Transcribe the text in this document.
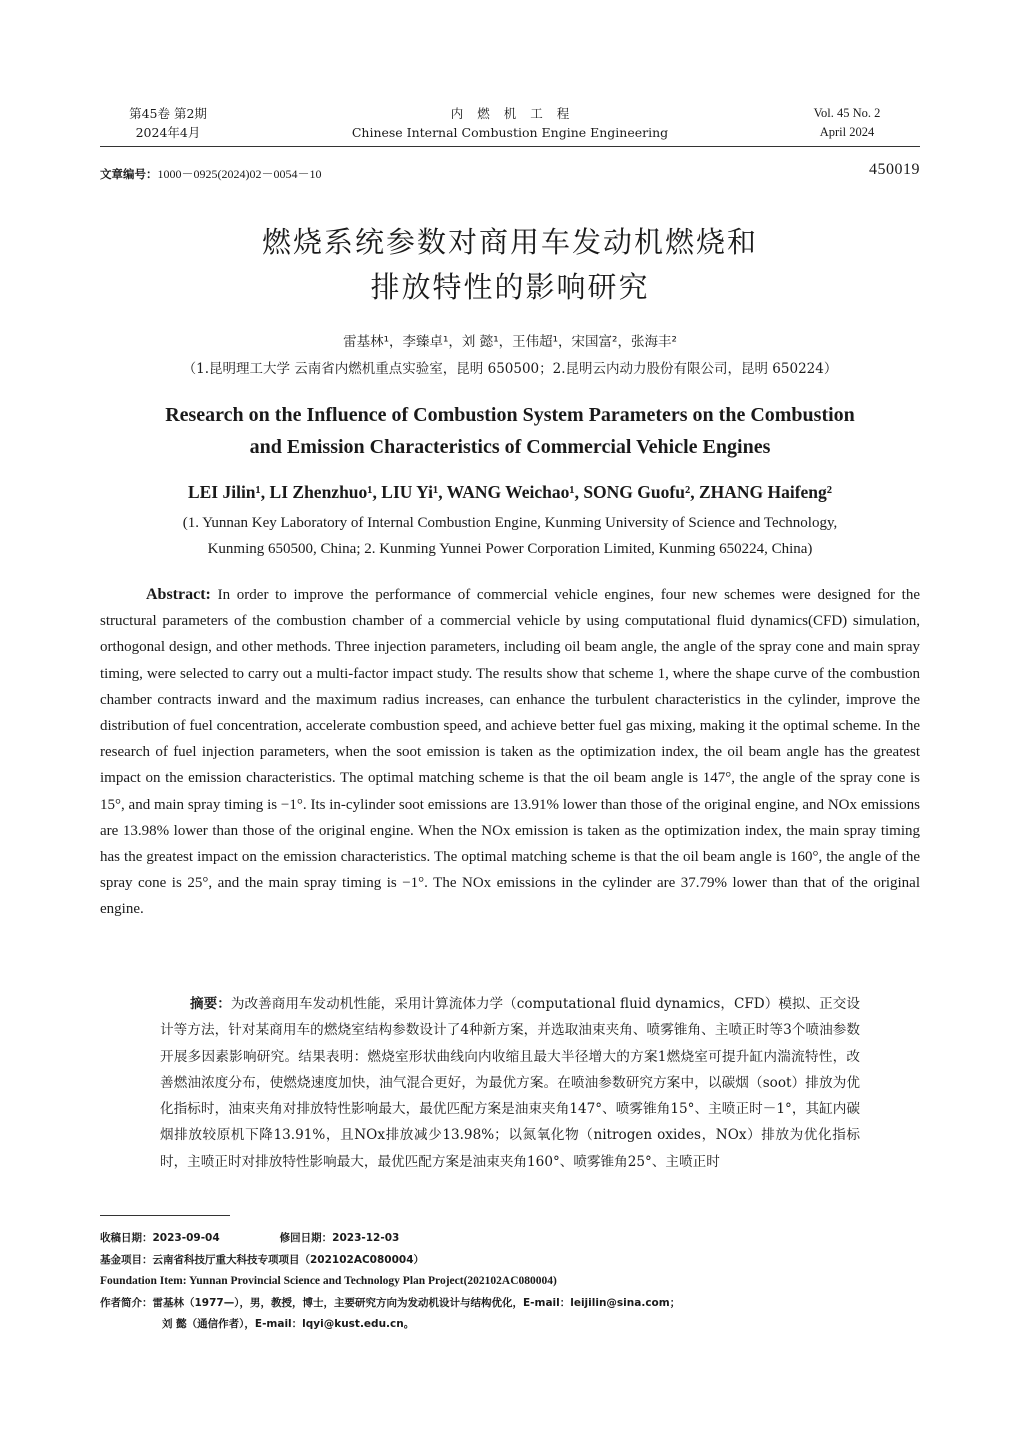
第45卷 第2期
2024年4月
内燃机工程
Chinese Internal Combustion Engine Engineering
Vol. 45 No. 2
April 2024
文章编号：1000－0925(2024)02－0054－10	450019
燃烧系统参数对商用车发动机燃烧和
排放特性的影响研究
雷基林¹，李臻卓¹，刘 懿¹，王伟超¹，宋国富²，张海丰²
（1.昆明理工大学 云南省内燃机重点实验室，昆明 650500；2.昆明云内动力股份有限公司，昆明 650224）
Research on the Influence of Combustion System Parameters on the Combustion
and Emission Characteristics of Commercial Vehicle Engines
LEI Jilin¹, LI Zhenzhuo¹, LIU Yi¹, WANG Weichao¹, SONG Guofu², ZHANG Haifeng²
(1. Yunnan Key Laboratory of Internal Combustion Engine, Kunming University of Science and Technology,
Kunming 650500, China; 2. Kunming Yunnei Power Corporation Limited, Kunming 650224, China)
Abstract: In order to improve the performance of commercial vehicle engines, four new schemes were designed for the structural parameters of the combustion chamber of a commercial vehicle by using computational fluid dynamics(CFD) simulation, orthogonal design, and other methods. Three injection parameters, including oil beam angle, the angle of the spray cone and main spray timing, were selected to carry out a multi-factor impact study. The results show that scheme 1, where the shape curve of the combustion chamber contracts inward and the maximum radius increases, can enhance the turbulent characteristics in the cylinder, improve the distribution of fuel concentration, accelerate combustion speed, and achieve better fuel gas mixing, making it the optimal scheme. In the research of fuel injection parameters, when the soot emission is taken as the optimization index, the oil beam angle has the greatest impact on the emission characteristics. The optimal matching scheme is that the oil beam angle is 147°, the angle of the spray cone is 15°, and main spray timing is −1°. Its in-cylinder soot emissions are 13.91% lower than those of the original engine, and NOx emissions are 13.98% lower than those of the original engine. When the NOx emission is taken as the optimization index, the main spray timing has the greatest impact on the emission characteristics. The optimal matching scheme is that the oil beam angle is 160°, the angle of the spray cone is 25°, and the main spray timing is −1°. The NOx emissions in the cylinder are 37.79% lower than that of the original engine.
摘要：为改善商用车发动机性能，采用计算流体力学（computational fluid dynamics，CFD）模拟、正交设计等方法，针对某商用车的燃烧室结构参数设计了4种新方案，并选取油束夹角、喷雾锥角、主喷正时等3个喷油参数开展多因素影响研究。结果表明：燃烧室形状曲线向内收缩且最大半径增大的方案1燃烧室可提升缸内湍流特性，改善燃油浓度分布，使燃烧速度加快，油气混合更好，为最优方案。在喷油参数研究方案中，以碳烟（soot）排放为优化指标时，油束夹角对排放特性影响最大，最优匹配方案是油束夹角147°、喷雾锥角15°、主喷正时－1°，其缸内碳烟排放较原机下降13.91%，且NOx排放减少13.98%；以氮氧化物（nitrogen oxides，NOx）排放为优化指标时，主喷正时对排放特性影响最大，最优匹配方案是油束夹角160°、喷雾锥角25°、主喷正时
收稿日期：2023-09-04	修回日期：2023-12-03
基金项目：云南省科技厅重大科技专项项目（202102AC080004）
Foundation Item: Yunnan Provincial Science and Technology Plan Project(202102AC080004)
作者简介：雷基林（1977—），男，教授，博士，主要研究方向为发动机设计与结构优化，E-mail：leijilin@sina.com；
刘 懿（通信作者），E-mail：lqyi@kust.edu.cn。
